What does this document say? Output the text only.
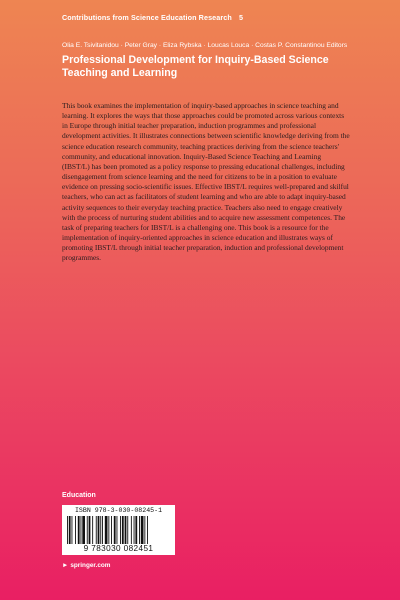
Contributions from Science Education Research 5
Olia E. Tsivitanidou · Peter Gray · Eliza Rybska · Loucas Louca · Costas P. Constantinou Editors
Professional Development for Inquiry-Based Science Teaching and Learning

This book examines the implementation of inquiry-based approaches in science teaching and learning. It explores the ways that those approaches could be promoted across various contexts in Europe through initial teacher preparation, induction programmes and professional development activities. It illustrates connections between scientific knowledge deriving from the science education research community, teaching practices deriving from the science teachers' community, and educational innovation. Inquiry-Based Science Teaching and Learning (IBST/L) has been promoted as a policy response to pressing educational challenges, including disengagement from science learning and the need for citizens to be in a position to evaluate evidence on pressing socio-scientific issues. Effective IBST/L requires well-prepared and skilful teachers, who can act as facilitators of student learning and who are able to adapt inquiry-based activity sequences to their everyday teaching practice. Teachers also need to engage creatively with the process of nurturing student abilities and to acquire new assessment competences. The task of preparing teachers for IBST/L is a challenging one. This book is a resource for the implementation of inquiry-oriented approaches in science education and illustrates ways of promoting IBST/L through initial teacher preparation, induction and professional development programmes.

Education
ISBN 978-3-030-08245-1
9 783030 082451
► springer.com
